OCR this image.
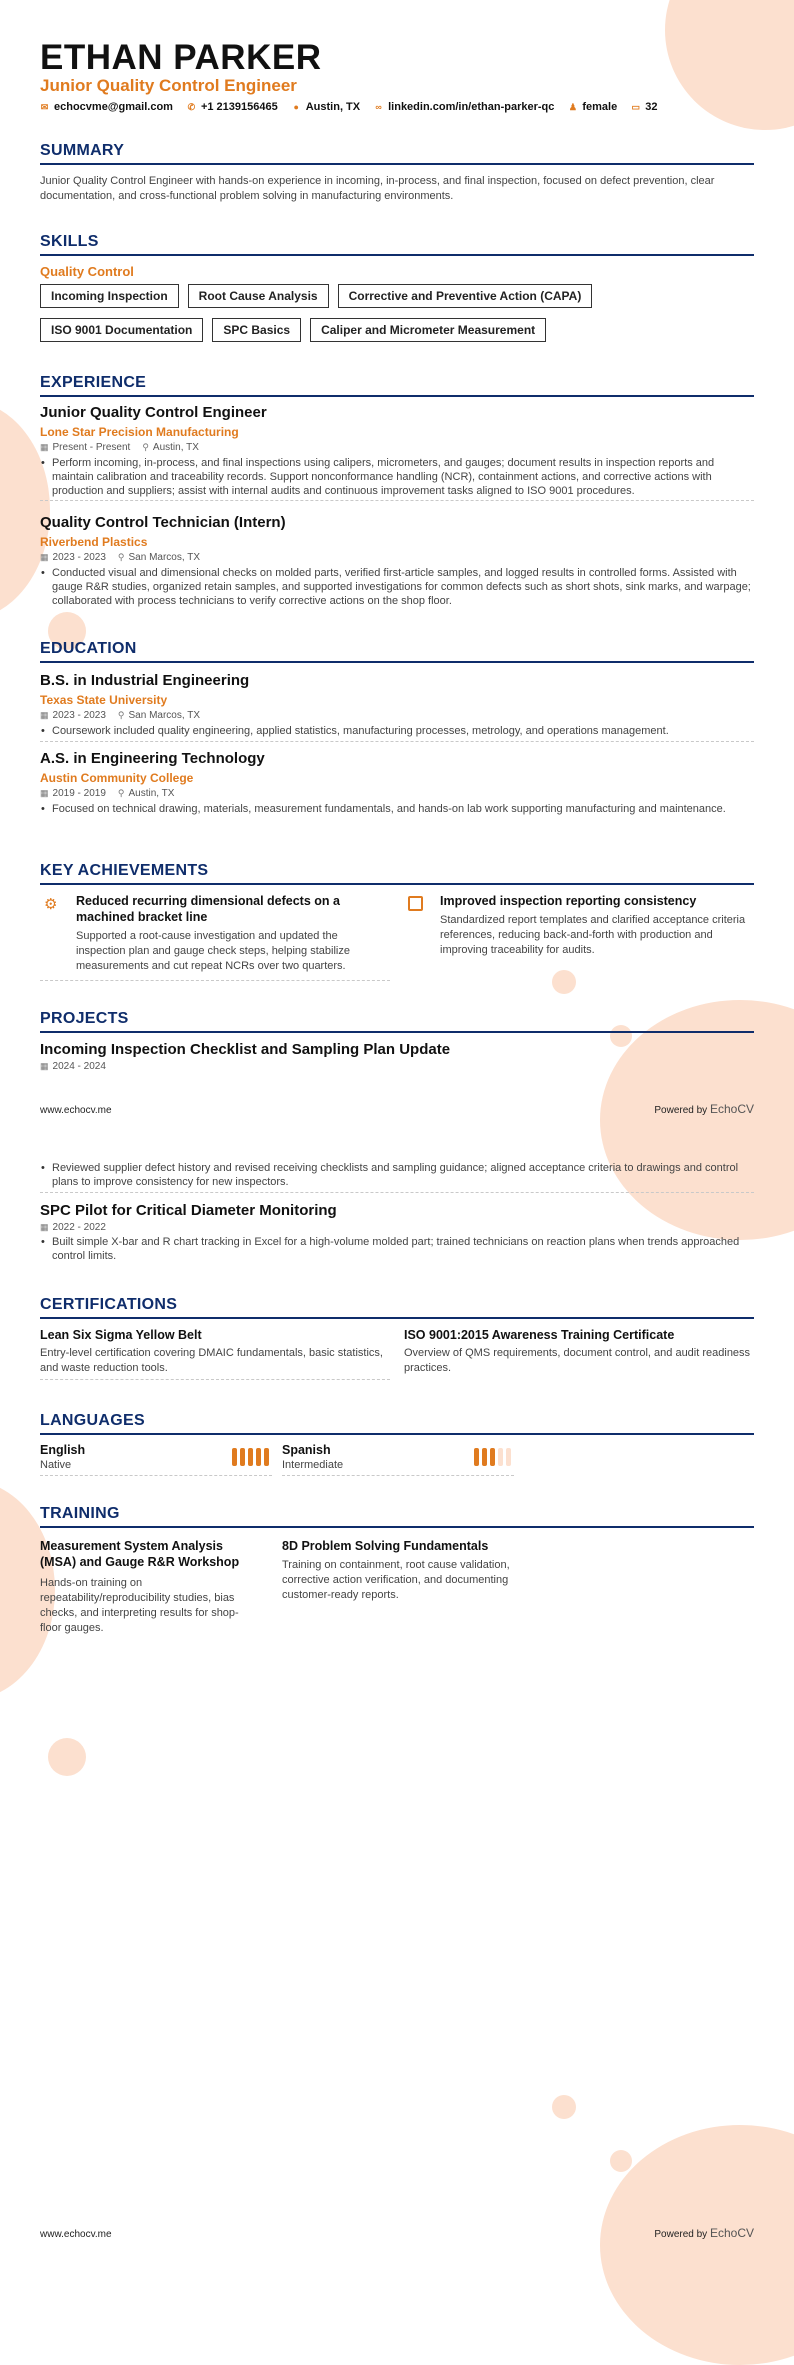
ETHAN PARKER
Junior Quality Control Engineer
✉ echocvme@gmail.com ✆ +1 2139156465 ● Austin, TX ∞ linkedin.com/in/ethan-parker-qc ♟ female ▭ 32
SUMMARY
Junior Quality Control Engineer with hands-on experience in incoming, in-process, and final inspection, focused on defect prevention, clear documentation, and cross-functional problem solving in manufacturing environments.
SKILLS
Quality Control
Incoming Inspection	Root Cause Analysis	Corrective and Preventive Action (CAPA)
ISO 9001 Documentation	SPC Basics	Caliper and Micrometer Measurement
EXPERIENCE
Junior Quality Control Engineer
Lone Star Precision Manufacturing
▦ Present - Present ⚲ Austin, TX
• Perform incoming, in-process, and final inspections using calipers, micrometers, and gauges; document results in inspection reports and maintain calibration and traceability records. Support nonconformance handling (NCR), containment actions, and corrective actions with production and suppliers; assist with internal audits and continuous improvement tasks aligned to ISO 9001 procedures.
Quality Control Technician (Intern)
Riverbend Plastics
▦ 2023 - 2023 ⚲ San Marcos, TX
• Conducted visual and dimensional checks on molded parts, verified first-article samples, and logged results in controlled forms. Assisted with gauge R&R studies, organized retain samples, and supported investigations for common defects such as short shots, sink marks, and warpage; collaborated with process technicians to verify corrective actions on the shop floor.
EDUCATION
B.S. in Industrial Engineering
Texas State University
▦ 2023 - 2023 ⚲ San Marcos, TX
• Coursework included quality engineering, applied statistics, manufacturing processes, metrology, and operations management.
A.S. in Engineering Technology
Austin Community College
▦ 2019 - 2019 ⚲ Austin, TX
• Focused on technical drawing, materials, measurement fundamentals, and hands-on lab work supporting manufacturing and maintenance.
KEY ACHIEVEMENTS
⚙ Reduced recurring dimensional defects on a machined bracket line
Supported a root-cause investigation and updated the inspection plan and gauge check steps, helping stabilize measurements and cut repeat NCRs over two quarters.
Improved inspection reporting consistency
Standardized report templates and clarified acceptance criteria references, reducing back-and-forth with production and improving traceability for audits.
PROJECTS
Incoming Inspection Checklist and Sampling Plan Update
▦ 2024 - 2024
www.echocv.me	Powered by EchoCV
• Reviewed supplier defect history and revised receiving checklists and sampling guidance; aligned acceptance criteria to drawings and control plans to improve consistency for new inspectors.
SPC Pilot for Critical Diameter Monitoring
▦ 2022 - 2022
• Built simple X-bar and R chart tracking in Excel for a high-volume molded part; trained technicians on reaction plans when trends approached control limits.
CERTIFICATIONS
Lean Six Sigma Yellow Belt
Entry-level certification covering DMAIC fundamentals, basic statistics, and waste reduction tools.
ISO 9001:2015 Awareness Training Certificate
Overview of QMS requirements, document control, and audit readiness practices.
LANGUAGES
English
Native
Spanish
Intermediate
TRAINING
Measurement System Analysis (MSA) and Gauge R&R Workshop
Hands-on training on repeatability/reproducibility studies, bias checks, and interpreting results for shop-floor gauges.
8D Problem Solving Fundamentals
Training on containment, root cause validation, corrective action verification, and documenting customer-ready reports.
www.echocv.me	Powered by EchoCV
